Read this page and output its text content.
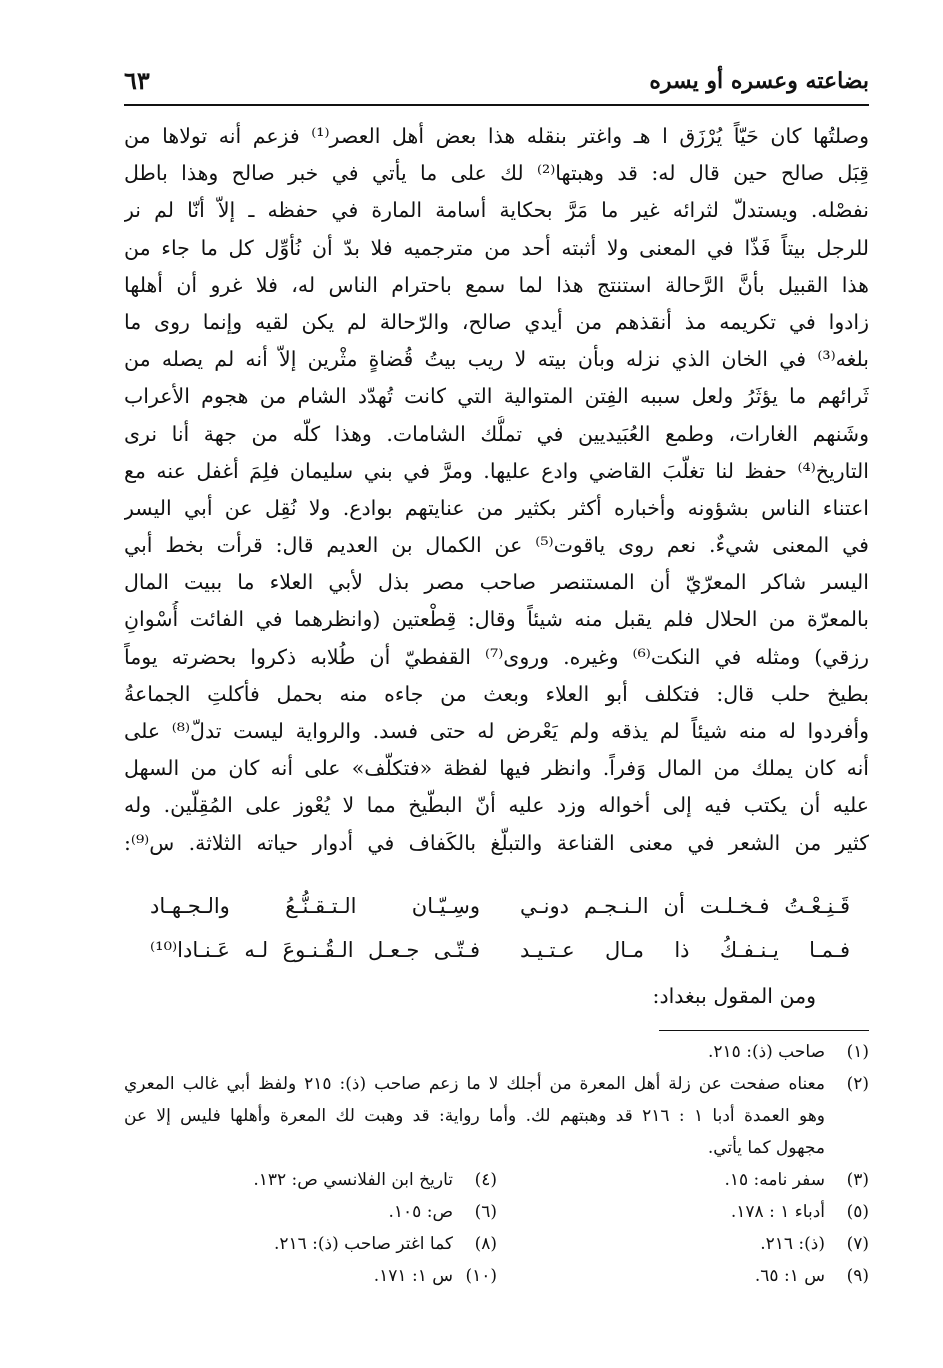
بضاعته وعسره أو يسره
٦٣
وصلتُها كان حَيّاً يُرْزَق ا هـ واغتر بنقله هذا بعض أهل العصر⁽¹⁾ فزعم أنه تولاها من
قِبَل صالح حين قال له: قد وهبتها⁽²⁾ لك على ما يأتي في خبر صالح وهذا باطل
نفصْله. ويستدلّ لثرائه غير ما مَرَّ بحكاية أسامة المارة في حفظه ـ إلاّ أنّا لم نر
للرجل بيتاً فَذّا في المعنى ولا أثبته أحد من مترجميه فلا بدّ أن نُأوِّل كل ما جاء من
هذا القبيل بأنَّ الرَّحالة استنتج هذا لما سمع باحترام الناس له، فلا غرو أن أهلها
زادوا في تكريمه مذ أنقذهم من أيدي صالح، والرّحالة لم يكن لقيه وإنما روى ما
بلغه⁽³⁾ في الخان الذي نزله وبأن بيته لا ريب بيتُ قُضاةٍ مثْرين إلاّ أنه لم يصله من
ثَرائهم ما يؤثَرُ ولعل سببه الفِتن المتوالية التي كانت تُهدّد الشام من هجوم الأعراب
وشَنهم الغارات، وطمع العُبَيديين في تملُّك الشامات. وهذا كلّه من جهة أنا نرى
التاريخ⁽⁴⁾ حفظ لنا تغلّبَ القاضي وادع عليها. ومرَّ في بني سليمان فلِمَ أغفل عنه مع
اعتناء الناس بشؤونه وأخباره أكثر بكثير من عنايتهم بوادع. ولا نُقِل عن أبي اليسر
في المعنى شيءٌ. نعم روى ياقوت⁽⁵⁾ عن الكمال بن العديم قال: قرأت بخط أبي
اليسر شاكر المعرّيّ أن المستنصر صاحب مصر بذل لأبي العلاء ما ببيت المال
بالمعرّة من الحلال فلم يقبل منه شيئاً وقال: قِطْعتين (وانظرهما في الفائت أُسْوانِ
رزقي) ومثله في النكت⁽⁶⁾ وغيره. وروى⁽⁷⁾ القفطيّ أن طُلابه ذكروا بحضرته يوماً
بطيخ حلب قال: فتكلف أبو العلاء وبعث من جاءه منه بحمل فأكلتِ الجماعةُ
وأفردوا له منه شيئاً لم يذقه ولم يَعْرض له حتى فسد. والرواية ليست تدلّ⁽⁸⁾ على
أنه كان يملك من المال وَفراً. وانظر فيها لفظة «فتكلّف» على أنه كان من السهل
عليه أن يكتب فيه إلى أخواله وزد عليه أنّ البطّيخ مما لا يُعْوز على المُقِلّين. وله
كثير من الشعر في معنى القناعة والتبلّغ بالكَفاف في أدوار حياته الثلاثة. س⁽⁹⁾:
قَـنِـعْـتُ فـخـلـت أن الـنـجـم دونـي
وسِـيّـان الـتـقـنُّـعُ والـجـهـاد
فـمـا يـنـفـكُ ذا مـال عـتـيـد
فـتّـى جـعـل الـقُـنـوعَ لـه عَـنـادا⁽¹⁰⁾
ومن المقول ببغداد:
(١)
صاحب (ذ): ٢١٥.
(٢)
معناه صفحت عن زلة أهل المعرة من أجلك لا ما زعم صاحب (ذ): ٢١٥ ولفظ أبي غالب المعري
وهو العمدة أدبا ١ : ٢١٦ قد وهبتهم لك. وأما رواية: قد وهبت لك المعرة وأهلها فليس إلا عن
مجهول كما يأتي.
(٣)
سفر نامه: ١٥.
(٤)
تاريخ ابن الفلانسي ص: ١٣٢.
(٥)
أدباء ١ : ١٧٨.
(٦)
ص: ١٠٥.
(٧)
(ذ): ٢١٦.
(٨)
كما اغتر صاحب (ذ): ٢١٦.
(٩)
س ١: ٦٥.
(١٠)
س ١: ١٧١.
